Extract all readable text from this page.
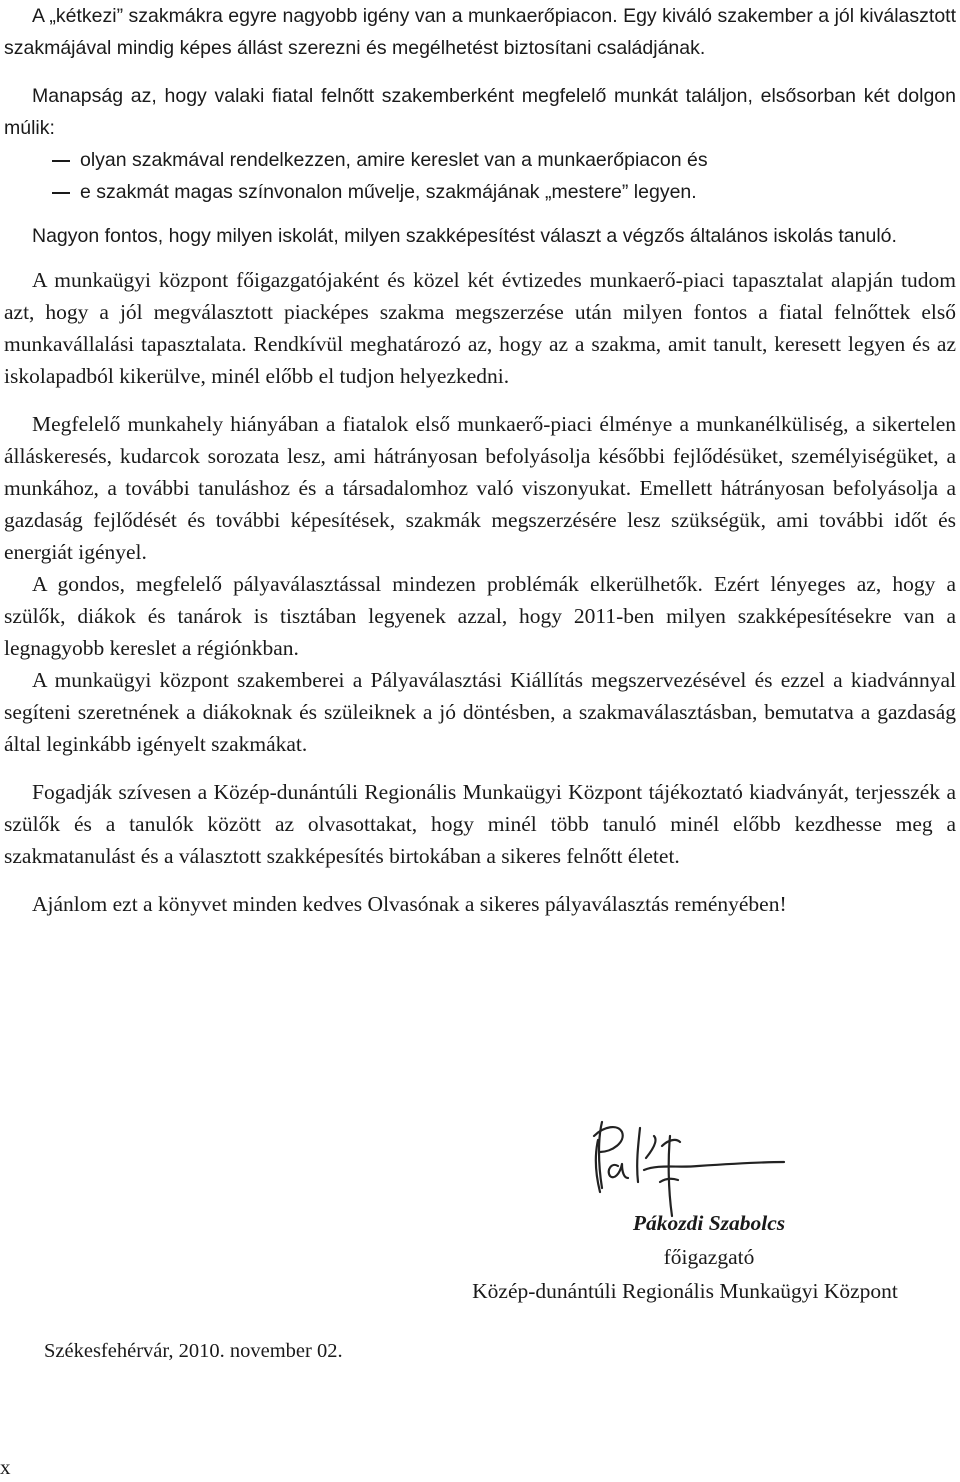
A „kétkezi” szakmákra egyre nagyobb igény van a munkaerőpiacon. Egy kiváló szakember a jól kiválasztott szakmájával mindig képes állást szerezni és megélhetést biztosítani családjának.

Manapság az, hogy valaki fiatal felnőtt szakemberként megfelelő munkát találjon, elsősorban két dolgon múlik:

olyan szakmával rendelkezzen, amire kereslet van a munkaerőpiacon és
e szakmát magas színvonalon művelje, szakmájának „mestere” legyen.

Nagyon fontos, hogy milyen iskolát, milyen szakképesítést választ a végzős általános iskolás tanuló.

A munkaügyi központ főigazgatójaként és közel két évtizedes munkaerő-piaci tapasztalat alapján tudom azt, hogy a jól megválasztott piacképes szakma megszerzése után milyen fontos a fiatal felnőttek első munkavállalási tapasztalata. Rendkívül meghatározó az, hogy az a szakma, amit tanult, keresett legyen és az iskolapadból kikerülve, minél előbb el tudjon helyezkedni.

Megfelelő munkahely hiányában a fiatalok első munkaerő-piaci élménye a munkanélküliség, a sikertelen álláskeresés, kudarcok sorozata lesz, ami hátrányosan befolyásolja későbbi fejlődésüket, személyiségüket, a munkához, a további tanuláshoz és a társadalomhoz való viszonyukat. Emellett hátrányosan befolyásolja a gazdaság fejlődését és további képesítések, szakmák megszerzésére lesz szükségük, ami további időt és energiát igényel.

A gondos, megfelelő pályaválasztással mindezen problémák elkerülhetők. Ezért lényeges az, hogy a szülők, diákok és tanárok is tisztában legyenek azzal, hogy 2011-ben milyen szakképesítésekre van a legnagyobb kereslet a régiónkban.

A munkaügyi központ szakemberei a Pályaválasztási Kiállítás megszervezésével és ezzel a kiadvánnyal segíteni szeretnének a diákoknak és szüleiknek a jó döntésben, a szakmaválasztásban, bemutatva a gazdaság által leginkább igényelt szakmákat.

Fogadják szívesen a Közép-dunántúli Regionális Munkaügyi Központ tájékoztató kiadványát, terjesszék a szülők és a tanulók között az olvasottakat, hogy minél több tanuló minél előbb kezdhesse meg a szakmatanulást és a választott szakképesítés birtokában a sikeres felnőtt életet.

Ajánlom ezt a könyvet minden kedves Olvasónak a sikeres pályaválasztás reményében!

Pákozdi Szabolcs
főigazgató
Közép-dunántúli Regionális Munkaügyi Központ
Székesfehérvár, 2010. november 02.
x
